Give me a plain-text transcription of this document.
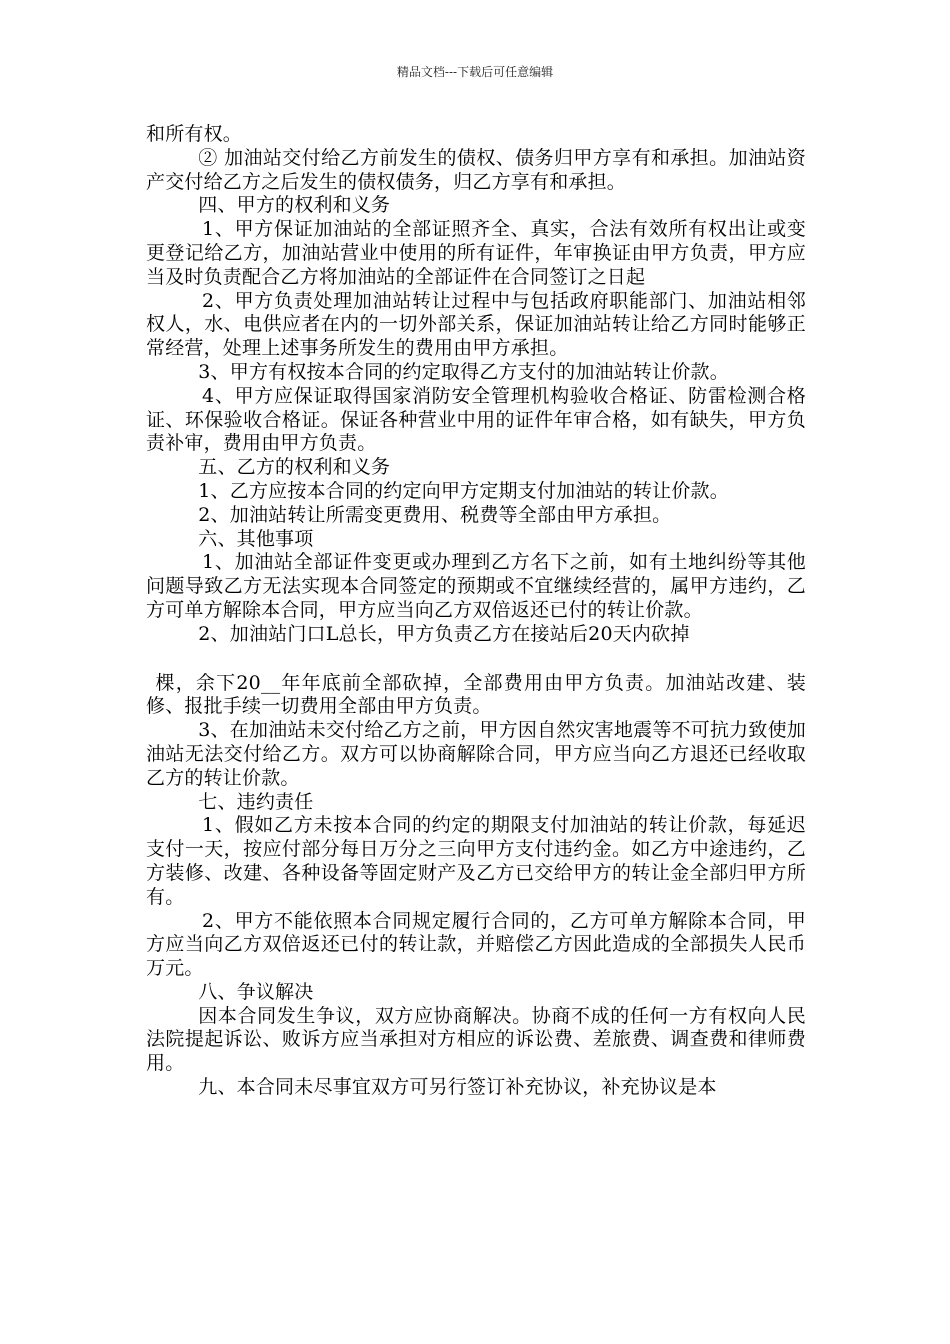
精品文档---下载后可任意编辑

和所有权。

② 加油站交付给乙方前发生的债权、债务归甲方享有和承担。加油站资产交付给乙方之后发生的债权债务，归乙方享有和承担。

四、甲方的权利和义务

1、甲方保证加油站的全部证照齐全、真实，合法有效所有权出让或变更登记给乙方，加油站营业中使用的所有证件，年审换证由甲方负责，甲方应当及时负责配合乙方将加油站的全部证件在合同签订之日起

2、甲方负责处理加油站转让过程中与包括政府职能部门、加油站相邻权人，水、电供应者在内的一切外部关系，保证加油站转让给乙方同时能够正常经营，处理上述事务所发生的费用由甲方承担。

3、甲方有权按本合同的约定取得乙方支付的加油站转让价款。

4、甲方应保证取得国家消防安全管理机构验收合格证、防雷检测合格证、环保验收合格证。保证各种营业中用的证件年审合格，如有缺失，甲方负责补审，费用由甲方负责。

五、乙方的权利和义务

1、乙方应按本合同的约定向甲方定期支付加油站的转让价款。

2、加油站转让所需变更费用、税费等全部由甲方承担。

六、其他事项

1、加油站全部证件变更或办理到乙方名下之前，如有土地纠纷等其他问题导致乙方无法实现本合同签定的预期或不宜继续经营的，属甲方违约，乙方可单方解除本合同，甲方应当向乙方双倍返还已付的转让价款。

2、加油站门口L总长，甲方负责乙方在接站后20天内砍掉

棵，余下20__年年底前全部砍掉，全部费用由甲方负责。加油站改建、装修、报批手续一切费用全部由甲方负责。

3、在加油站未交付给乙方之前，甲方因自然灾害地震等不可抗力致使加油站无法交付给乙方。双方可以协商解除合同，甲方应当向乙方退还已经收取乙方的转让价款。

七、违约责任

1、假如乙方未按本合同的约定的期限支付加油站的转让价款，每延迟支付一天，按应付部分每日万分之三向甲方支付违约金。如乙方中途违约，乙方装修、改建、各种设备等固定财产及乙方已交给甲方的转让金全部归甲方所有。

2、甲方不能依照本合同规定履行合同的，乙方可单方解除本合同，甲方应当向乙方双倍返还已付的转让款，并赔偿乙方因此造成的全部损失人民币万元。

八、争议解决

因本合同发生争议，双方应协商解决。协商不成的任何一方有权向人民法院提起诉讼、败诉方应当承担对方相应的诉讼费、差旅费、调查费和律师费用。

九、本合同未尽事宜双方可另行签订补充协议，补充协议是本
